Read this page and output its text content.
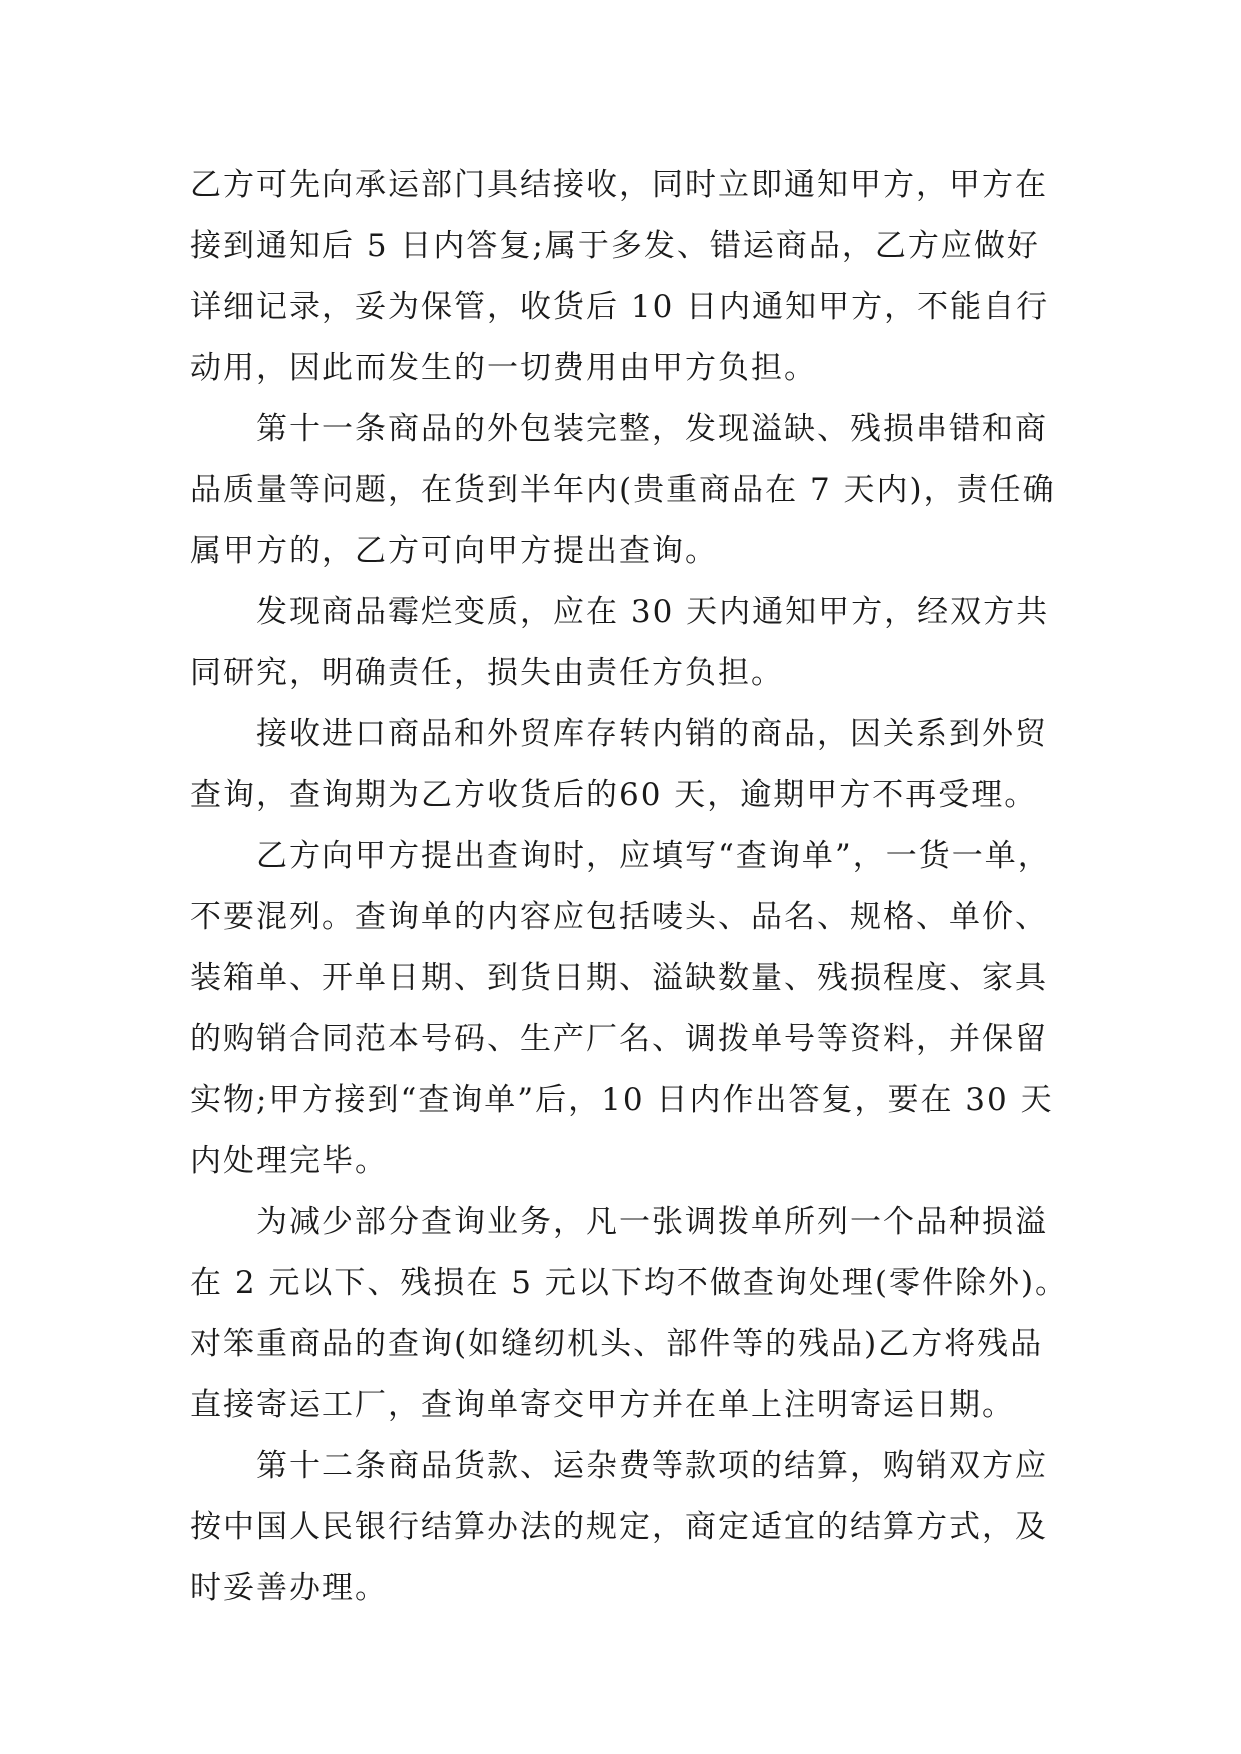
乙方可先向承运部门具结接收，同时立即通知甲方，甲方在
接到通知后 5 日内答复;属于多发、错运商品，乙方应做好
详细记录，妥为保管，收货后 10 日内通知甲方，不能自行
动用，因此而发生的一切费用由甲方负担。
第十一条商品的外包装完整，发现溢缺、残损串错和商
品质量等问题，在货到半年内(贵重商品在 7 天内)，责任确
属甲方的，乙方可向甲方提出查询。
发现商品霉烂变质，应在 30 天内通知甲方，经双方共
同研究，明确责任，损失由责任方负担。
接收进口商品和外贸库存转内销的商品，因关系到外贸
查询，查询期为乙方收货后的60 天，逾期甲方不再受理。
乙方向甲方提出查询时，应填写“查询单”，一货一单，
不要混列。查询单的内容应包括唛头、品名、规格、单价、
装箱单、开单日期、到货日期、溢缺数量、残损程度、家具
的购销合同范本号码、生产厂名、调拨单号等资料，并保留
实物;甲方接到“查询单”后，10 日内作出答复，要在 30 天
内处理完毕。
为减少部分查询业务，凡一张调拨单所列一个品种损溢
在 2 元以下、残损在 5 元以下均不做查询处理(零件除外)。
对笨重商品的查询(如缝纫机头、部件等的残品)乙方将残品
直接寄运工厂，查询单寄交甲方并在单上注明寄运日期。
第十二条商品货款、运杂费等款项的结算，购销双方应
按中国人民银行结算办法的规定，商定适宜的结算方式，及
时妥善办理。
